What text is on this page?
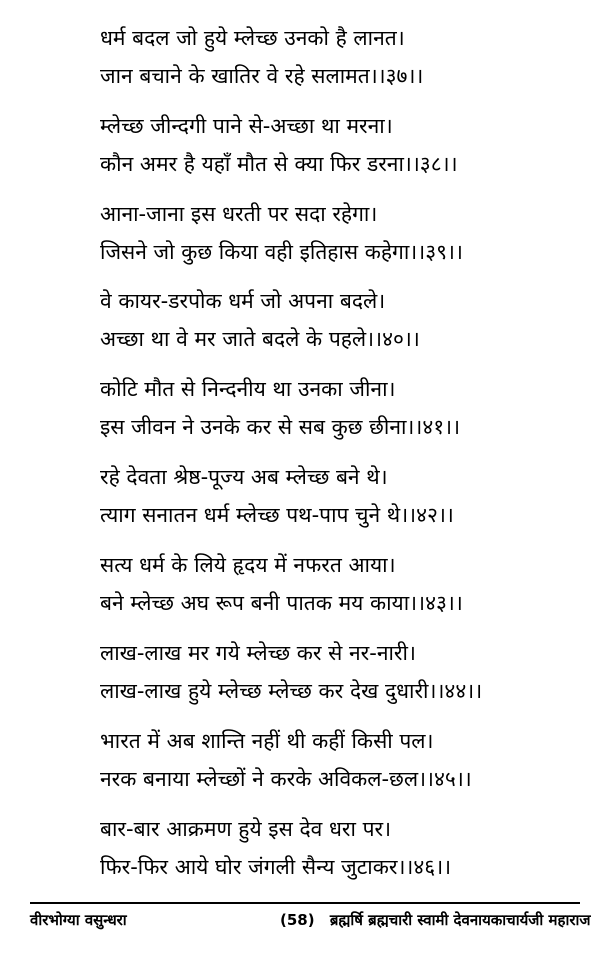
धर्म बदल जो हुये म्लेच्छ उनको है लानत।
जान बचाने के खातिर वे रहे सलामत।।३७।।
म्लेच्छ जीन्दगी पाने से-अच्छा था मरना।
कौन अमर है यहाँ मौत से क्या फिर डरना।।३८।।
आना-जाना इस धरती पर सदा रहेगा।
जिसने जो कुछ किया वही इतिहास कहेगा।।३९।।
वे कायर-डरपोक धर्म जो अपना बदले।
अच्छा था वे मर जाते बदले के पहले।।४०।।
कोटि मौत से निन्दनीय था उनका जीना।
इस जीवन ने उनके कर से सब कुछ छीना।।४१।।
रहे देवता श्रेष्ठ-पूज्य अब म्लेच्छ बने थे।
त्याग सनातन धर्म म्लेच्छ पथ-पाप चुने थे।।४२।।
सत्य धर्म के लिये हृदय में नफरत आया।
बने म्लेच्छ अघ रूप बनी पातक मय काया।।४३।।
लाख-लाख मर गये म्लेच्छ कर से नर-नारी।
लाख-लाख हुये म्लेच्छ म्लेच्छ कर देख दुधारी।।४४।।
भारत में अब शान्ति नहीं थी कहीं किसी पल।
नरक बनाया म्लेच्छों ने करके अविकल-छल।।४५।।
बार-बार आक्रमण हुये इस देव धरा पर।
फिर-फिर आये घोर जंगली सैन्य जुटाकर।।४६।।
वीरभोग्या वसुन्धरा	(58) ब्रह्मर्षि ब्रह्मचारी स्वामी देवनायकाचार्यजी महाराज
